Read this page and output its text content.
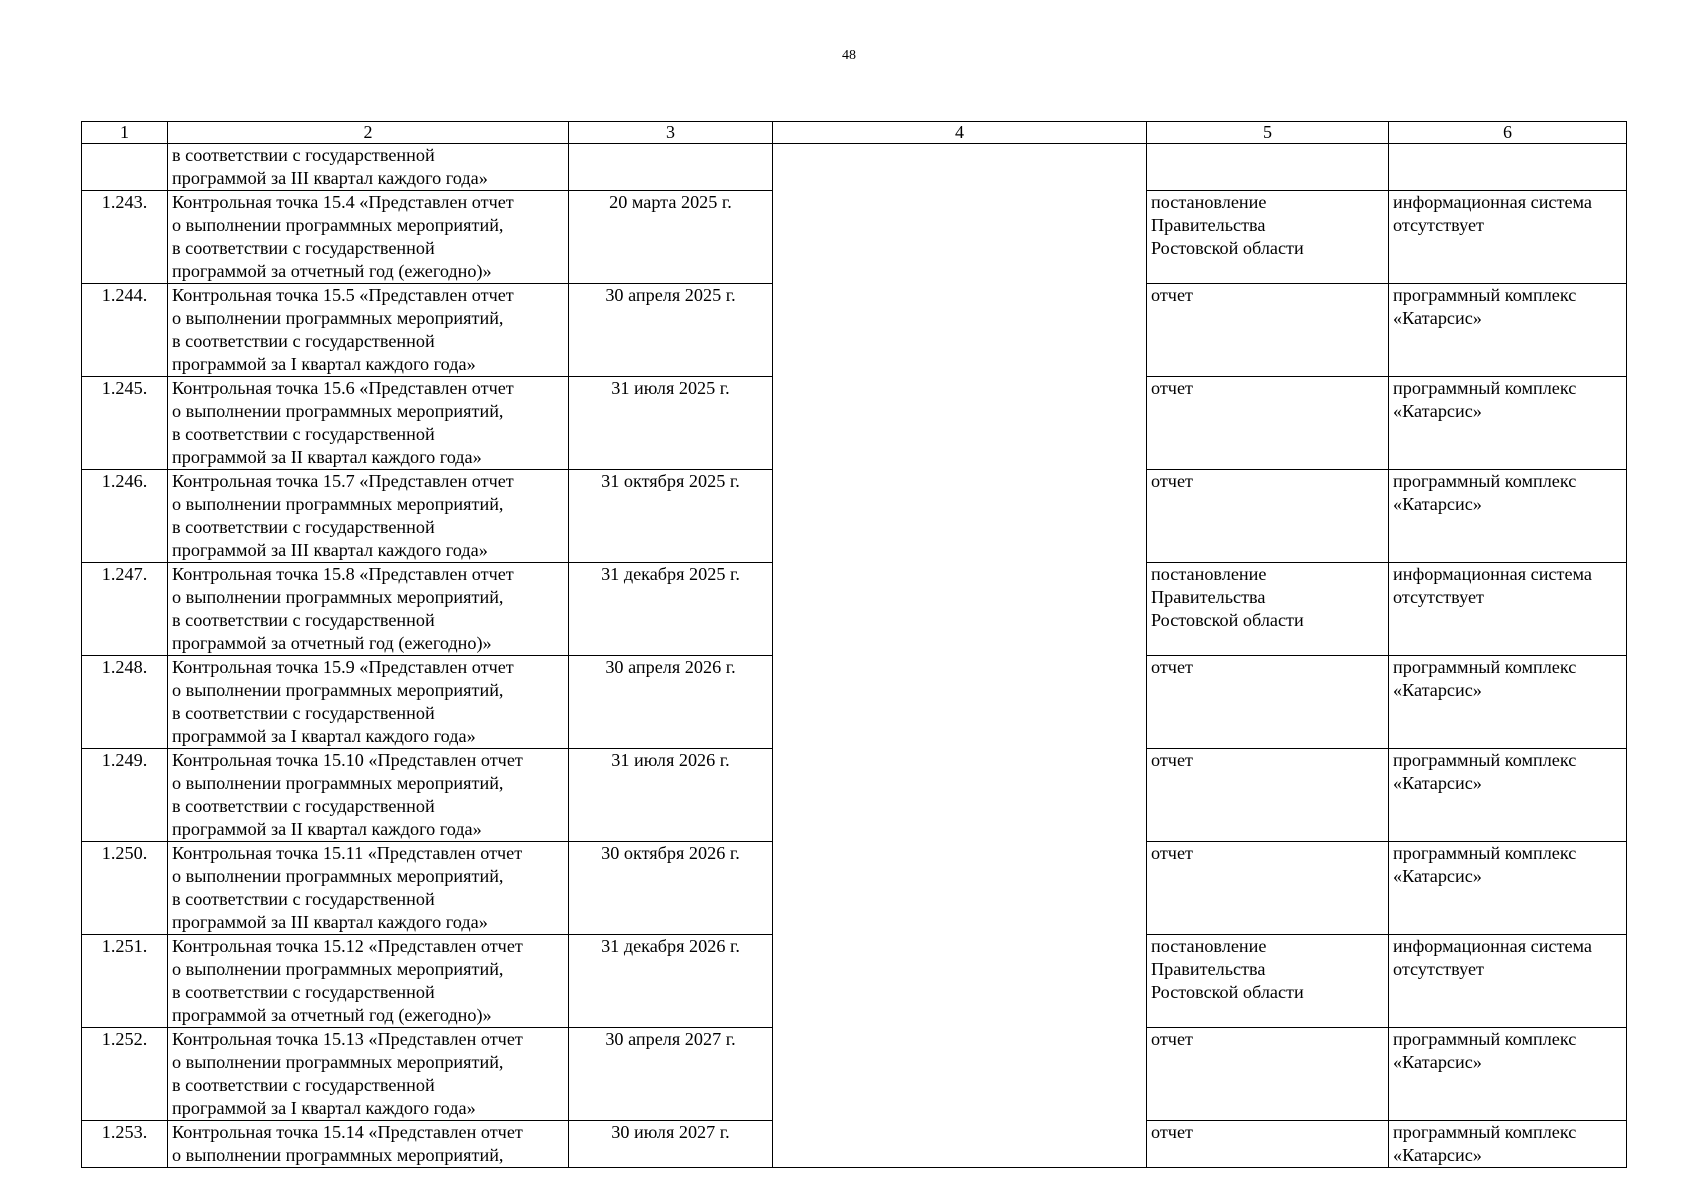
48
1	2	3	4	5	6

	в соответствии с государственной
программой за III квартал каждого года»				

1.243.	Контрольная точка 15.4 «Представлен отчет
о выполнении программных мероприятий,
в соответствии с государственной
программой за отчетный год (ежегодно)»	20 марта 2025 г.		постановление
Правительства
Ростовской области	информационная система
отсутствует

1.244.	Контрольная точка 15.5 «Представлен отчет
о выполнении программных мероприятий,
в соответствии с государственной
программой за I квартал каждого года»	30 апреля 2025 г.		отчет	программный комплекс
«Катарсис»

1.245.	Контрольная точка 15.6 «Представлен отчет
о выполнении программных мероприятий,
в соответствии с государственной
программой за II квартал каждого года»	31 июля 2025 г.		отчет	программный комплекс
«Катарсис»

1.246.	Контрольная точка 15.7 «Представлен отчет
о выполнении программных мероприятий,
в соответствии с государственной
программой за III квартал каждого года»	31 октября 2025 г.		отчет	программный комплекс
«Катарсис»

1.247.	Контрольная точка 15.8 «Представлен отчет
о выполнении программных мероприятий,
в соответствии с государственной
программой за отчетный год (ежегодно)»	31 декабря 2025 г.		постановление
Правительства
Ростовской области	информационная система
отсутствует

1.248.	Контрольная точка 15.9 «Представлен отчет
о выполнении программных мероприятий,
в соответствии с государственной
программой за I квартал каждого года»	30 апреля 2026 г.		отчет	программный комплекс
«Катарсис»

1.249.	Контрольная точка 15.10 «Представлен отчет
о выполнении программных мероприятий,
в соответствии с государственной
программой за II квартал каждого года»	31 июля 2026 г.		отчет	программный комплекс
«Катарсис»

1.250.	Контрольная точка 15.11 «Представлен отчет
о выполнении программных мероприятий,
в соответствии с государственной
программой за III квартал каждого года»	30 октября 2026 г.		отчет	программный комплекс
«Катарсис»

1.251.	Контрольная точка 15.12 «Представлен отчет
о выполнении программных мероприятий,
в соответствии с государственной
программой за отчетный год (ежегодно)»	31 декабря 2026 г.		постановление
Правительства
Ростовской области	информационная система
отсутствует

1.252.	Контрольная точка 15.13 «Представлен отчет
о выполнении программных мероприятий,
в соответствии с государственной
программой за I квартал каждого года»	30 апреля 2027 г.		отчет	программный комплекс
«Катарсис»

1.253.	Контрольная точка 15.14 «Представлен отчет
о выполнении программных мероприятий,	30 июля 2027 г.		отчет	программный комплекс
«Катарсис»
